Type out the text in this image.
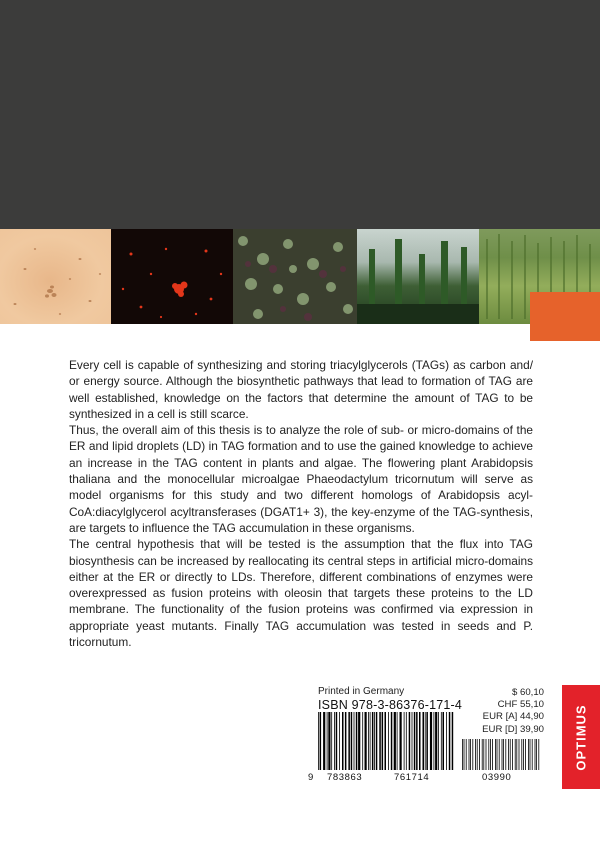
Every cell is capable of synthesizing and storing triacylglycerols (TAGs) as carbon and/ or energy source. Although the biosynthetic pathways that lead to formation of TAG are well established, knowledge on the factors that determine the amount of TAG to be synthesized in a cell is still scarce.

Thus, the overall aim of this thesis is to analyze the role of sub- or micro-domains of the ER and lipid droplets (LD) in TAG formation and to use the gained knowledge to achieve an increase in the TAG content in plants and algae. The flowering plant Arabidopsis thaliana and the monocellular microalgae Phaeodactylum tricornutum will serve as model organisms for this study and two different homologs of Arabidopsis acyl-CoA:diacylglycerol acyltransferases (DGAT1+ 3), the key-enzyme of the TAG-synthesis, are targets to influence the TAG accumulation in these organisms.

The central hypothesis that will be tested is the assumption that the flux into TAG biosynthesis can be increased by reallocating its central steps in artificial micro-domains either at the ER or directly to LDs. Therefore, different combinations of enzymes were overexpressed as fusion proteins with oleosin that targets these proteins to the LD membrane. The functionality of the fusion proteins was confirmed via expression in appropriate yeast mutants. Finally TAG accumulation was tested in seeds and P. tricornutum.

Printed in Germany
ISBN 978-3-86376-171-4
$ 60,10
CHF 55,10
EUR [A] 44,90
EUR [D] 39,90
9 783863	761714	03990
OPTIMUS
